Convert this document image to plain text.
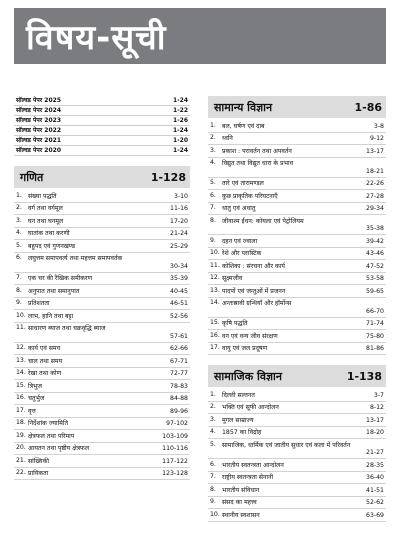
विषय-सूची
सॉल्वड पेपर 2025	1-24
सॉल्वड पेपर 2024	1-22
सॉल्वड पेपर 2023	1-26
सॉल्वड पेपर 2022	1-24
सॉल्वड पेपर 2021	1-20
सॉल्वड पेपर 2020	1-24
गणित	1-128
1. संख्या पद्धति	3-10
2. वर्ग तथा वर्गमूल	11-16
3. घन तथा घनमूल	17-20
4. घातांक तथा करणी	21-24
5. बहुपद एवं गुणनखण्ड	25-29
6. लघुत्तम समापवर्त्य तथा महत्तम समापवर्तक
30-34
7. एक चर की रैखिक समीकरण	35-39
8. अनुपात तथा समानुपात	40-45
9. प्रतिशतता	46-51
10. लाभ, हानि तथा बट्टा	52-56
11. साधारण ब्याज तथा चक्रवृद्धि ब्याज
57-61
12. कार्य एवं समय	62-66
13. चाल तथा समय	67-71
14. रेखा तथा कोण	72-77
15. त्रिभुज	78-83
16. चतुर्भुज	84-88
17. वृत्त	89-96
18. निर्देशांक ज्यामिति	97-102
19. क्षेत्रफल तथा परिमाप	103-109
20. आयतन तथा पृष्ठीय क्षेत्रफल	110-116
21. सांख्यिकी	117-122
22. प्रायिकता	123-128
सामान्य विज्ञान	1-86
1. बल, घर्षण एवं दाब	3-8
2. ध्वनि	9-12
3. प्रकाश : परावर्तन तथा अपवर्तन	13-17
4. विद्युत तथा विद्युत धारा के प्रभाव
18-21
5. तारे एवं तारामण्डल	22-26
6. कुछ प्राकृतिक परिघटनाएँ	27-28
7. धातु एवं अधातु	29-34
8. जीवाश्म ईंधन: कोयला एवं पेट्रोलियम
35-38
9. दहन एवं ज्वाला	39-42
10. रेशे और प्लास्टिक	43-46
11. कोशिका : संरचना और कार्य	47-52
12. सूक्ष्मजीव	53-58
13. पादपों एवं जन्तुओं में प्रजनन	59-65
14. अन्तःस्रावी ग्रन्थियाँ और हॉर्मोन्स
66-70
15. कृषि पद्धति	71-74
16. वन एवं वन्य जीव संरक्षण	75-80
17. वायु एवं जल प्रदूषण	81-86
सामाजिक विज्ञान	1-138
1. दिल्ली सल्तनत	3-7
2. भक्ति एवं सूफी आन्दोलन	8-12
3. मुगल साम्राज्य	13-17
4. 1857 का विद्रोह	18-20
5. सामाजिक, धार्मिक एवं जातीय सुधार एवं कला में परिवर्तन
21-27
6. भारतीय स्वतन्त्रता आन्दोलन	28-35
7. राष्ट्रीय स्वतन्त्रता सेनानी	36-40
8. भारतीय संविधान	41-51
9. संसद का महत्त्व	52-62
10. स्थानीय स्वशासन	63-69
